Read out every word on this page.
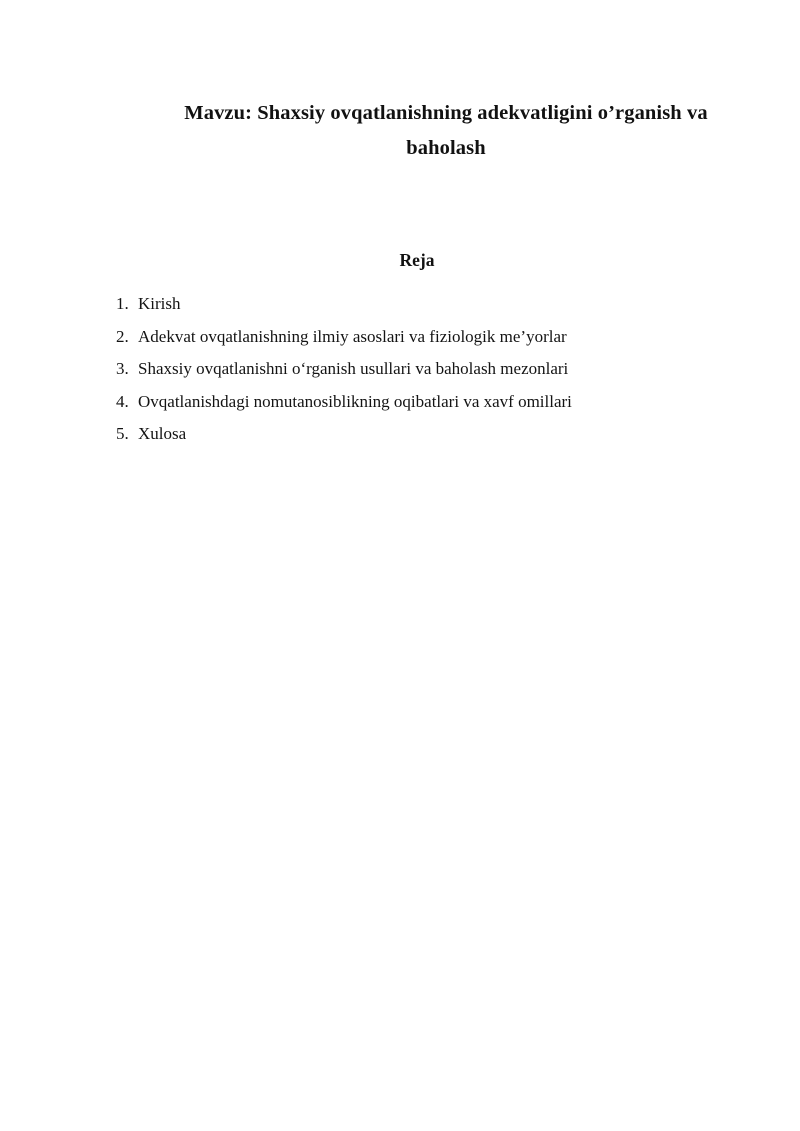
Mavzu: Shaxsiy ovqatlanishning adekvatligini o’rganish va baholash
Reja
1. Kirish
2. Adekvat ovqatlanishning ilmiy asoslari va fiziologik me’yorlar
3. Shaxsiy ovqatlanishni o‘rganish usullari va baholash mezonlari
4. Ovqatlanishdagi nomutanosiblikning oqibatlari va xavf omillari
5. Xulosa
